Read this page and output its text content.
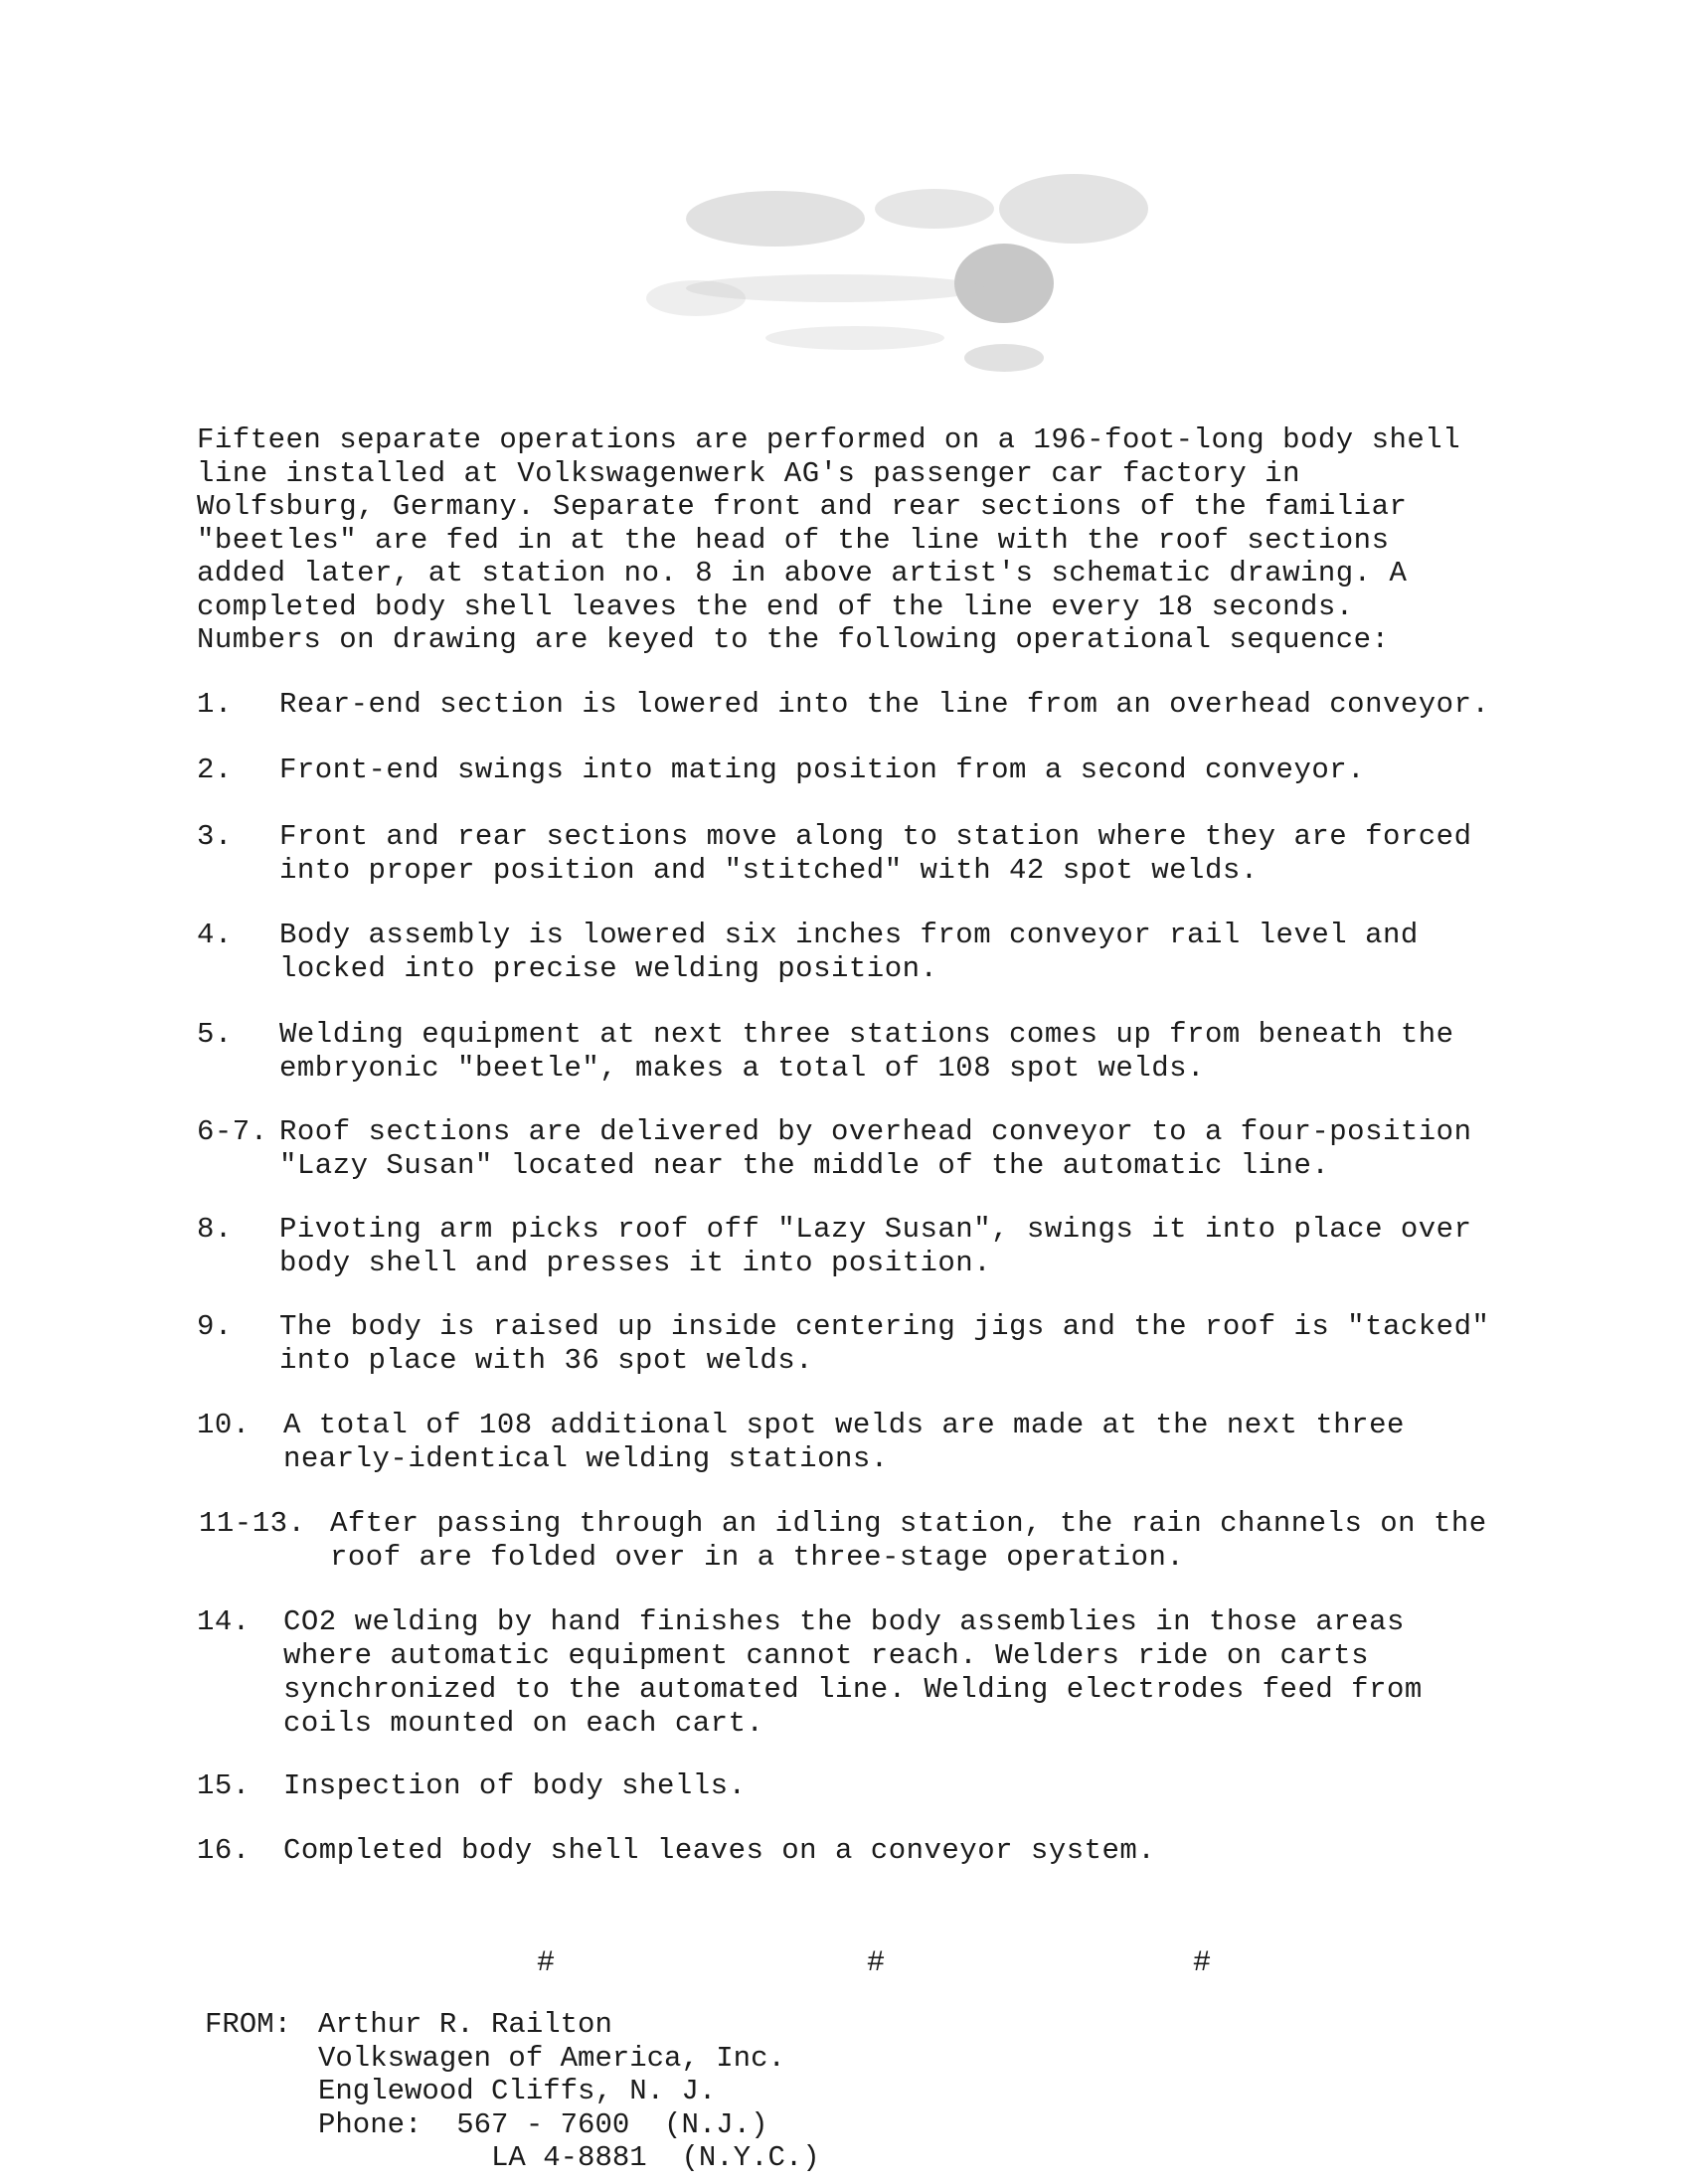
Fifteen separate operations are performed on a 196-foot-long body shell line installed at Volkswagenwerk AG's passenger car factory in Wolfsburg, Germany. Separate front and rear sections of the familiar "beetles" are fed in at the head of the line with the roof sections added later, at station no. 8 in above artist's schematic drawing. A completed body shell leaves the end of the line every 18 seconds. Numbers on drawing are keyed to the following operational sequence:

1. Rear-end section is lowered into the line from an overhead conveyor.
2. Front-end swings into mating position from a second conveyor.
3. Front and rear sections move along to station where they are forced into proper position and "stitched" with 42 spot welds.
4. Body assembly is lowered six inches from conveyor rail level and locked into precise welding position.
5. Welding equipment at next three stations comes up from beneath the embryonic "beetle", makes a total of 108 spot welds.
6-7. Roof sections are delivered by overhead conveyor to a four-position "Lazy Susan" located near the middle of the automatic line.
8. Pivoting arm picks roof off "Lazy Susan", swings it into place over body shell and presses it into position.
9. The body is raised up inside centering jigs and the roof is "tacked" into place with 36 spot welds.
10. A total of 108 additional spot welds are made at the next three nearly-identical welding stations.
11-13. After passing through an idling station, the rain channels on the roof are folded over in a three-stage operation.
14. CO2 welding by hand finishes the body assemblies in those areas where automatic equipment cannot reach. Welders ride on carts synchronized to the automated line. Welding electrodes feed from coils mounted on each cart.
15. Inspection of body shells.
16. Completed body shell leaves on a conveyor system.
#	#	#
FROM: Arthur R. Railton
Volkswagen of America, Inc.
Englewood Cliffs, N. J.
Phone:  567 - 7600  (N.J.)
LA 4-8881  (N.Y.C.)
